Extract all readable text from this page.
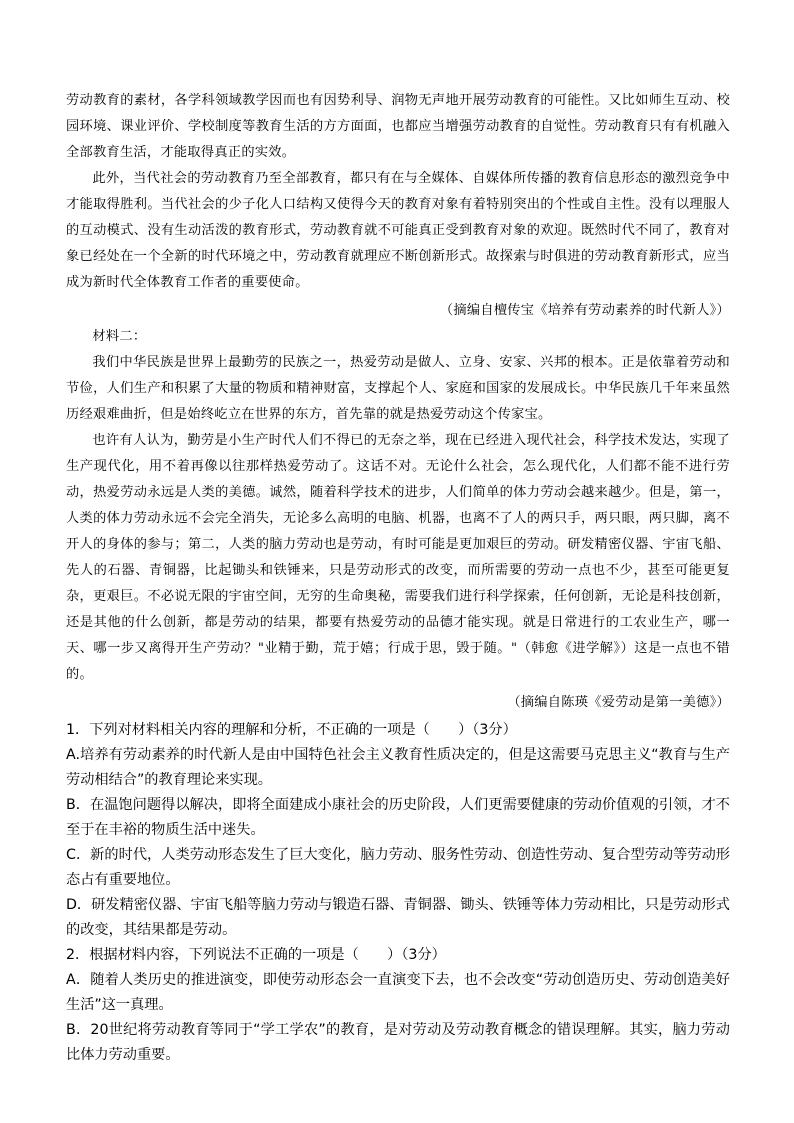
劳动教育的素材，各学科领域教学因而也有因势利导、润物无声地开展劳动教育的可能性。又比如师生互动、校园环境、课业评价、学校制度等教育生活的方方面面，也都应当增强劳动教育的自觉性。劳动教育只有有机融入全部教育生活，才能取得真正的实效。

此外，当代社会的劳动教育乃至全部教育，都只有在与全媒体、自媒体所传播的教育信息形态的激烈竞争中才能取得胜利。当代社会的少子化人口结构又使得今天的教育对象有着特别突出的个性或自主性。没有以理服人的互动模式、没有生动活泼的教育形式，劳动教育就不可能真正受到教育对象的欢迎。既然时代不同了，教育对象已经处在一个全新的时代环境之中，劳动教育就理应不断创新形式。故探索与时俱进的劳动教育新形式，应当成为新时代全体教育工作者的重要使命。

（摘编自檀传宝《培养有劳动素养的时代新人》）

材料二：

我们中华民族是世界上最勤劳的民族之一，热爱劳动是做人、立身、安家、兴邦的根本。正是依靠着劳动和节俭，人们生产和积累了大量的物质和精神财富，支撑起个人、家庭和国家的发展成长。中华民族几千年来虽然历经艰难曲折，但是始终屹立在世界的东方，首先靠的就是热爱劳动这个传家宝。

也许有人认为，勤劳是小生产时代人们不得已的无奈之举，现在已经进入现代社会，科学技术发达，实现了生产现代化，用不着再像以往那样热爱劳动了。这话不对。无论什么社会，怎么现代化，人们都不能不进行劳动，热爱劳动永远是人类的美德。诚然，随着科学技术的进步，人们简单的体力劳动会越来越少。但是，第一，人类的体力劳动永远不会完全消失，无论多么高明的电脑、机器，也离不了人的两只手，两只眼，两只脚，离不开人的身体的参与；第二，人类的脑力劳动也是劳动，有时可能是更加艰巨的劳动。研发精密仪器、宇宙飞船、先人的石器、青铜器，比起锄头和铁锤来，只是劳动形式的改变，而所需要的劳动一点也不少，甚至可能更复杂，更艰巨。不必说无限的宇宙空间，无穷的生命奥秘，需要我们进行科学探索，任何创新，无论是科技创新，还是其他的什么创新，都是劳动的结果，都要有热爱劳动的品德才能实现。就是日常进行的工农业生产，哪一天、哪一步又离得开生产劳动？"业精于勤，荒于嬉；行成于思，毁于随。"（韩愈《进学解》）这是一点也不错的。

（摘编自陈瑛《爱劳动是第一美德》）

1．下列对材料相关内容的理解和分析，不正确的一项是（　　）（3分）

A.培养有劳动素养的时代新人是由中国特色社会主义教育性质决定的，但是这需要马克思主义“教育与生产劳动相结合”的教育理论来实现。

B．在温饱问题得以解决，即将全面建成小康社会的历史阶段，人们更需要健康的劳动价值观的引领，才不至于在丰裕的物质生活中迷失。

C．新的时代，人类劳动形态发生了巨大变化，脑力劳动、服务性劳动、创造性劳动、复合型劳动等劳动形态占有重要地位。

D．研发精密仪器、宇宙飞船等脑力劳动与锻造石器、青铜器、锄头、铁锤等体力劳动相比，只是劳动形式的改变，其结果都是劳动。

2．根据材料内容，下列说法不正确的一项是（　　）（3分）

A．随着人类历史的推进演变，即使劳动形态会一直演变下去，也不会改变“劳动创造历史、劳动创造美好生活”这一真理。

B．20世纪将劳动教育等同于“学工学农”的教育，是对劳动及劳动教育概念的错误理解。其实，脑力劳动比体力劳动重要。
